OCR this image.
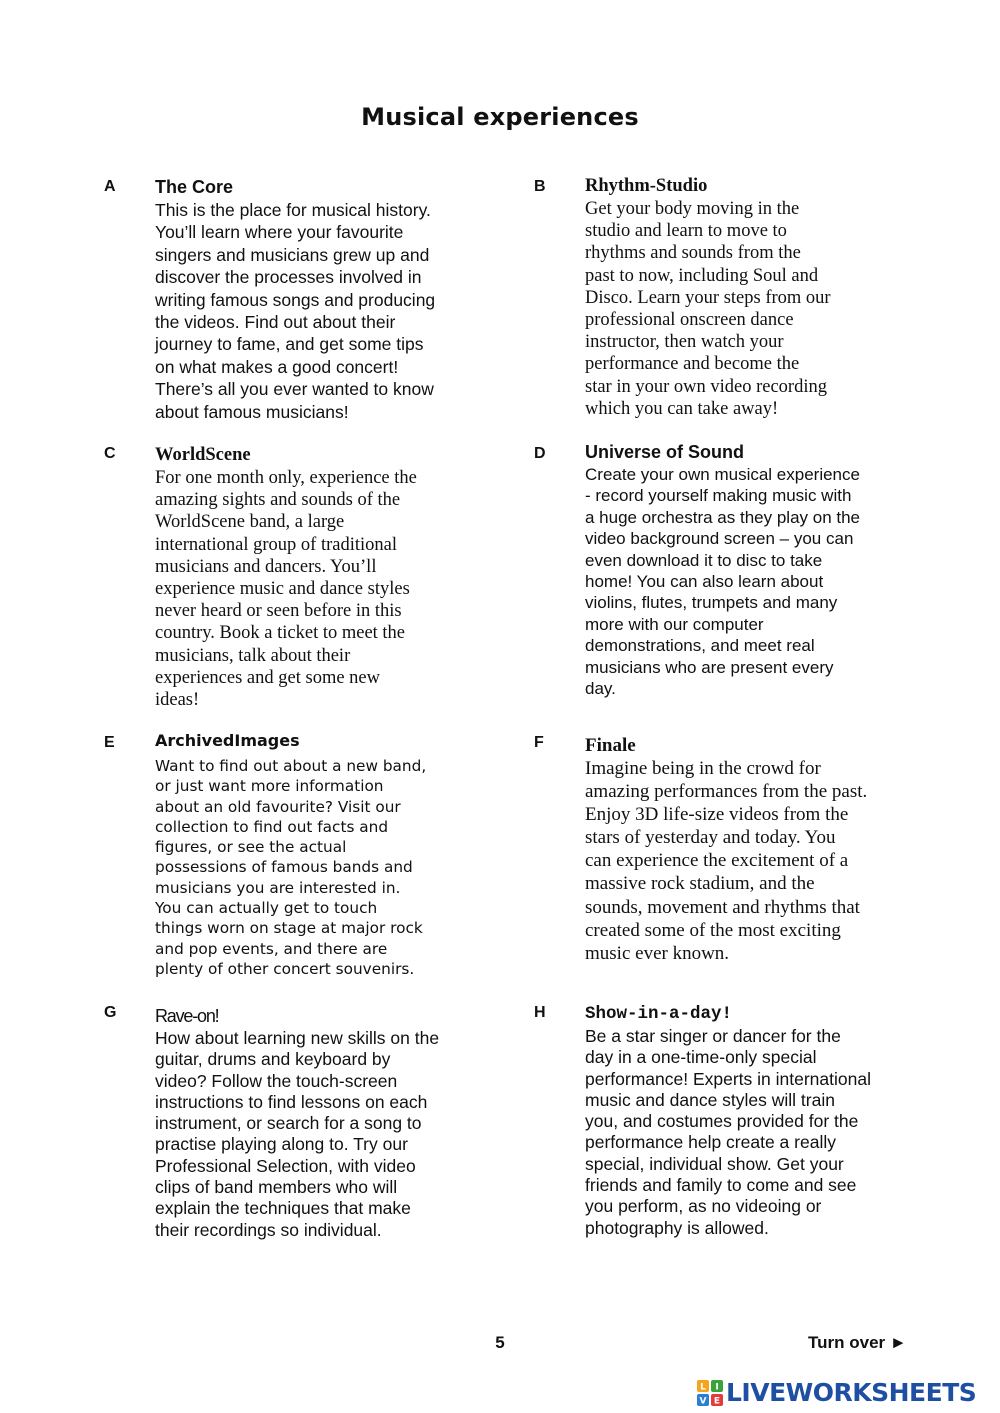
Musical experiences
A The Core
This is the place for musical history.
You’ll learn where your favourite
singers and musicians grew up and
discover the processes involved in
writing famous songs and producing
the videos. Find out about their
journey to fame, and get some tips
on what makes a good concert!
There’s all you ever wanted to know
about famous musicians!
B Rhythm-Studio
Get your body moving in the
studio and learn to move to
rhythms and sounds from the
past to now, including Soul and
Disco. Learn your steps from our
professional onscreen dance
instructor, then watch your
performance and become the
star in your own video recording
which you can take away!
C WorldScene
For one month only, experience the
amazing sights and sounds of the
WorldScene band, a large
international group of traditional
musicians and dancers. You’ll
experience music and dance styles
never heard or seen before in this
country. Book a ticket to meet the
musicians, talk about their
experiences and get some new
ideas!
D Universe of Sound
Create your own musical experience
- record yourself making music with
a huge orchestra as they play on the
video background screen – you can
even download it to disc to take
home! You can also learn about
violins, flutes, trumpets and many
more with our computer
demonstrations, and meet real
musicians who are present every
day.
E	ArchivedImages
Want to find out about a new band,
or just want more information
about an old favourite? Visit our
collection to find out facts and
figures, or see the actual
possessions of famous bands and
musicians you are interested in.
You can actually get to touch
things worn on stage at major rock
and pop events, and there are
plenty of other concert souvenirs.
F Finale
Imagine being in the crowd for
amazing performances from the past.
Enjoy 3D life-size videos from the
stars of yesterday and today. You
can experience the excitement of a
massive rock stadium, and the
sounds, movement and rhythms that
created some of the most exciting
music ever known.
G Rave-on!
How about learning new skills on the
guitar, drums and keyboard by
video? Follow the touch-screen
instructions to find lessons on each
instrument, or search for a song to
practise playing along to. Try our
Professional Selection, with video
clips of band members who will
explain the techniques that make
their recordings so individual.
H Show-in-a-day!
Be a star singer or dancer for the
day in a one-time-only special
performance! Experts in international
music and dance styles will train
you, and costumes provided for the
performance help create a really
special, individual show. Get your
friends and family to come and see
you perform, as no videoing or
photography is allowed.
5	Turn over ►
L I
V E LIVEWORKSHEETS
